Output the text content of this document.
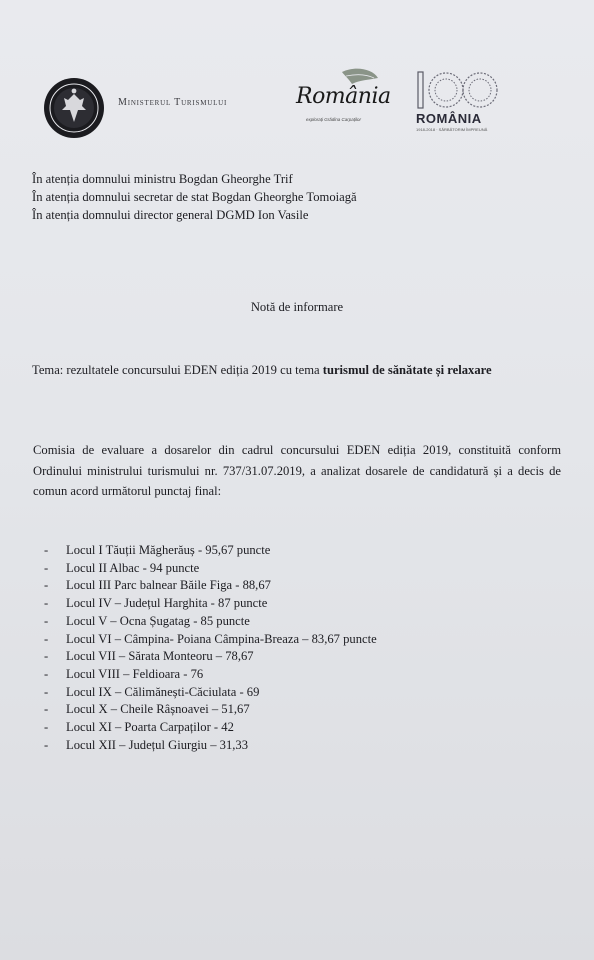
Ministerul Turismului	România
explorați Grădina Carpaților	ROMÂNIA
1918-2018 · SĂRBĂTORIM ÎMPREUNĂ
În atenția domnului ministru Bogdan Gheorghe Trif
În atenția domnului secretar de stat Bogdan Gheorghe Tomoiagă
În atenția domnului director general DGMD Ion Vasile
Notă de informare
Tema: rezultatele concursului EDEN ediția 2019 cu tema turismul de sănătate și relaxare
Comisia de evaluare a dosarelor din cadrul concursului EDEN ediția 2019, constituită conform Ordinului ministrului turismului nr. 737/31.07.2019, a analizat dosarele de candidatură și a decis de comun acord următorul punctaj final:
- Locul I Tăuții Măgherăuș - 95,67 puncte
- Locul II Albac - 94 puncte
- Locul III Parc balnear Băile Figa - 88,67
- Locul IV – Județul Harghita - 87 puncte
- Locul V – Ocna Șugatag - 85 puncte
- Locul VI – Câmpina- Poiana Câmpina-Breaza – 83,67 puncte
- Locul VII – Sărata Monteoru – 78,67
- Locul VIII – Feldioara - 76
- Locul IX – Călimănești-Căciulata - 69
- Locul X – Cheile Râșnoavei – 51,67
- Locul XI – Poarta Carpaților - 42
- Locul XII – Județul Giurgiu – 31,33
